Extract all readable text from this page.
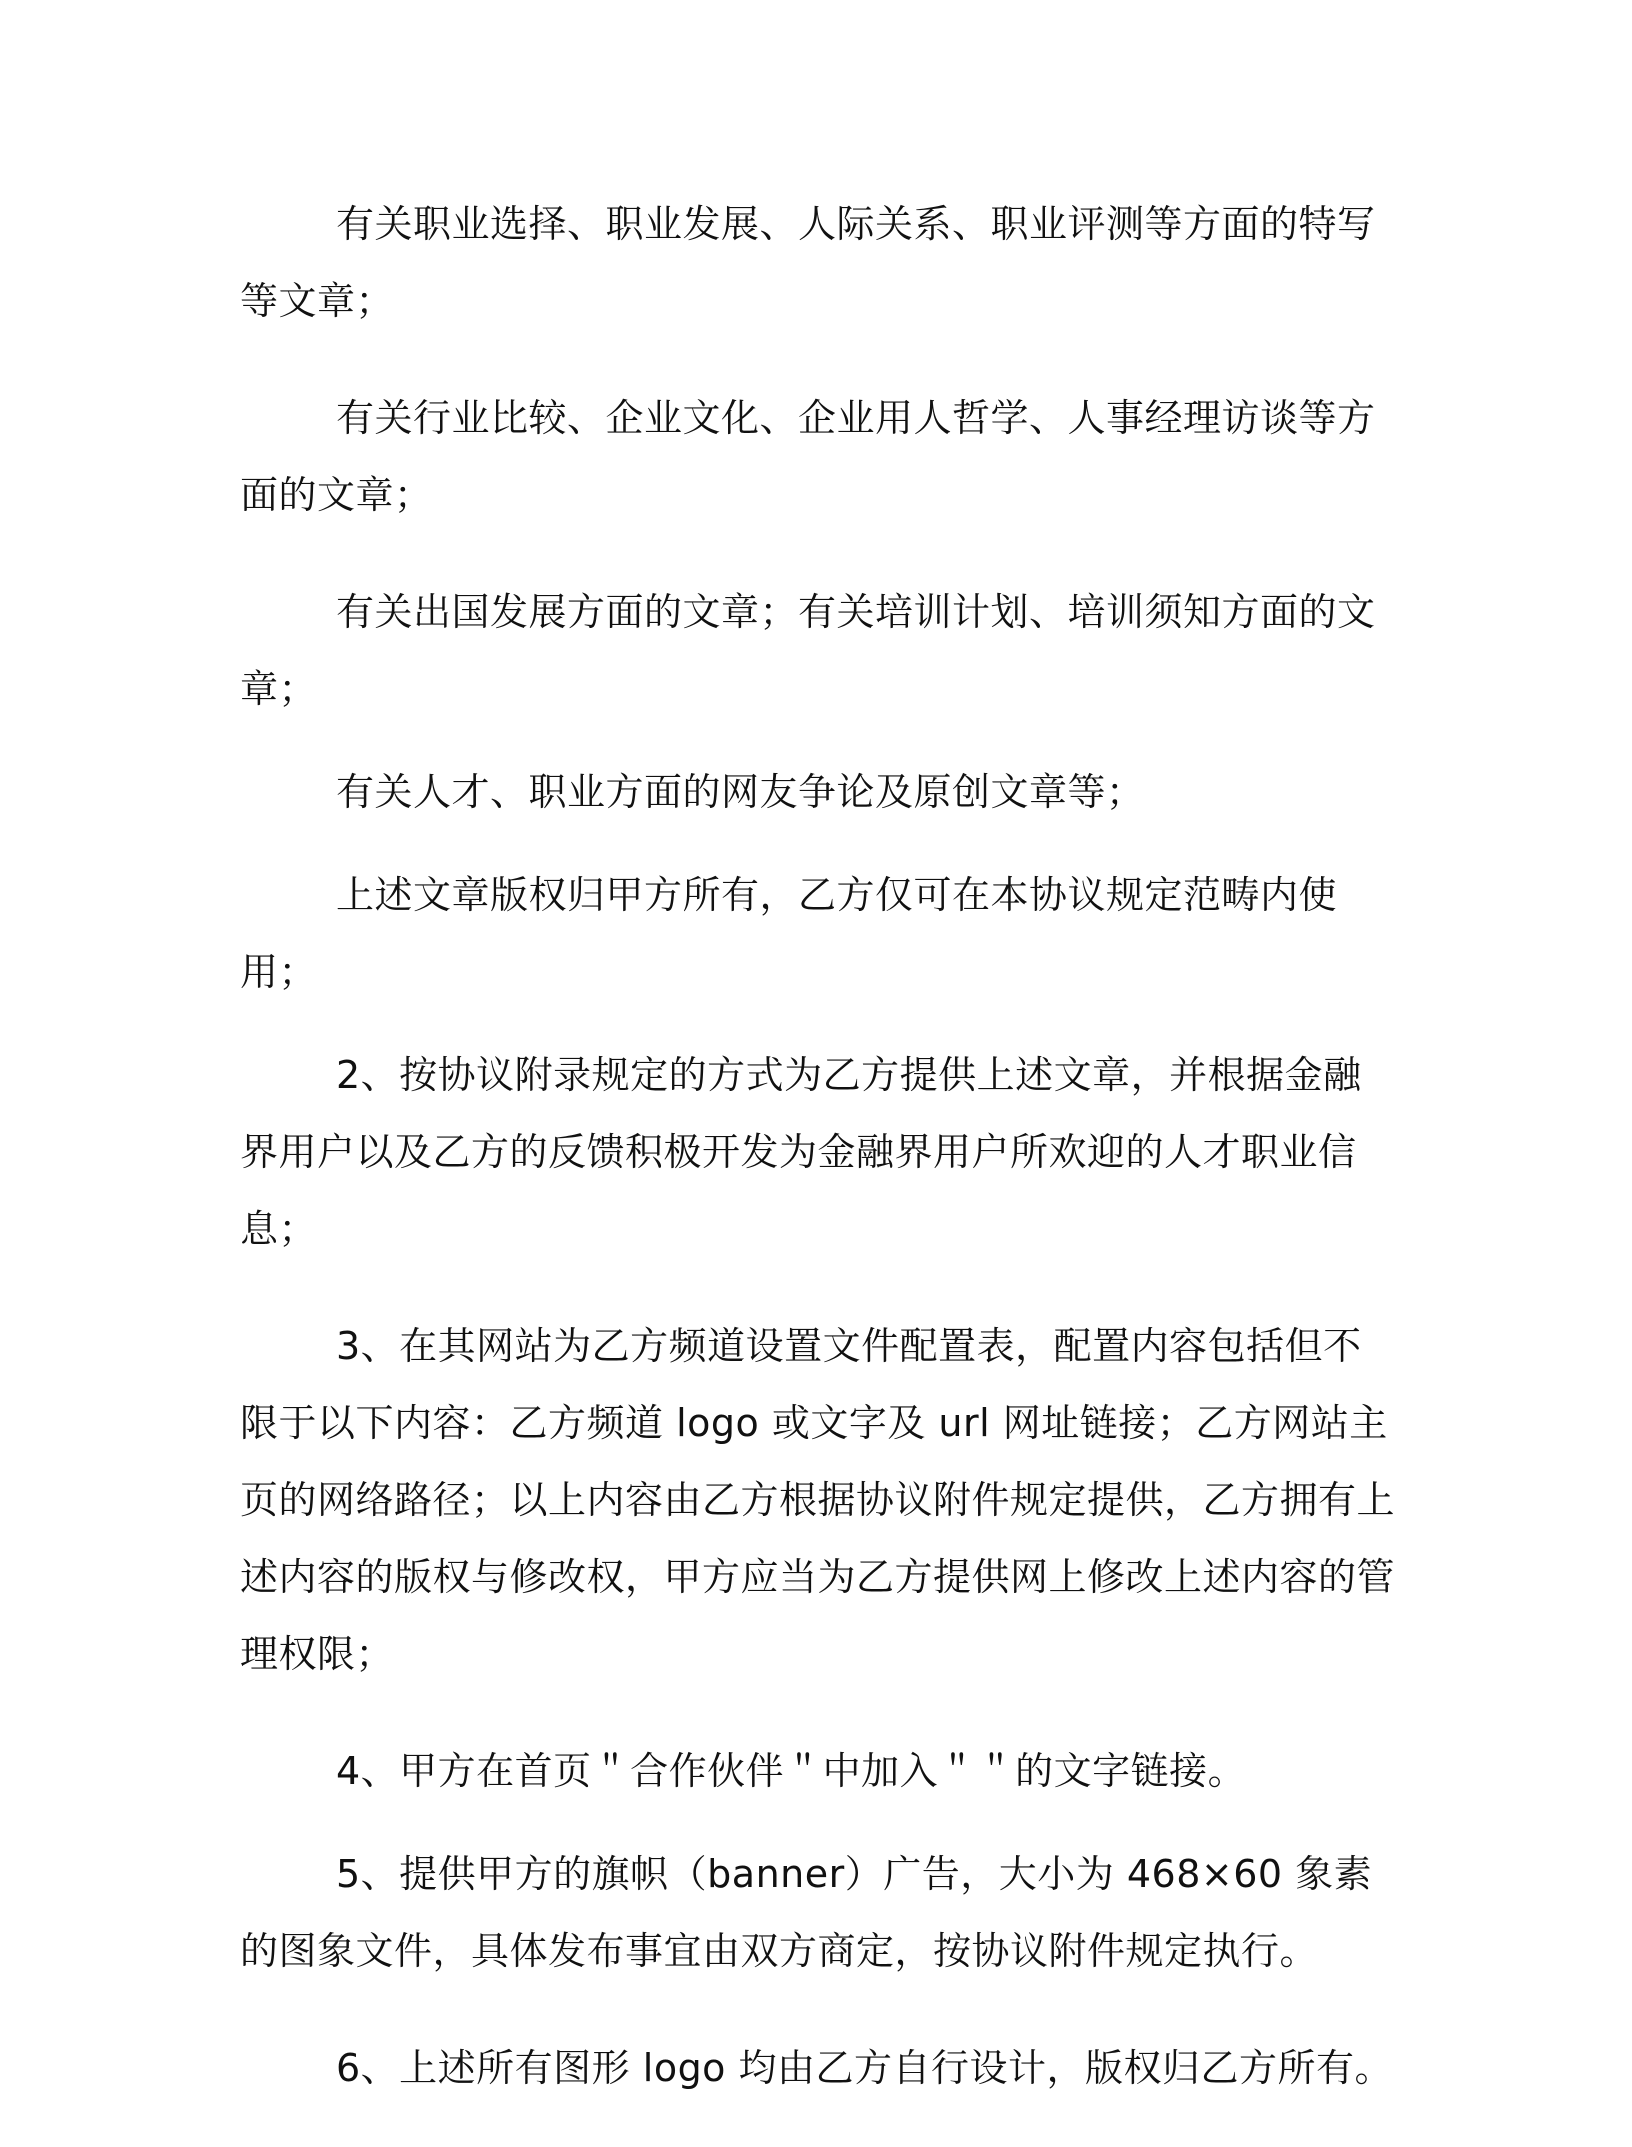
有关职业选择、职业发展、人际关系、职业评测等方面的特写等文章；

有关行业比较、企业文化、企业用人哲学、人事经理访谈等方面的文章；

有关出国发展方面的文章；有关培训计划、培训须知方面的文章；

有关人才、职业方面的网友争论及原创文章等；

上述文章版权归甲方所有，乙方仅可在本协议规定范畴内使用；

2、按协议附录规定的方式为乙方提供上述文章，并根据金融界用户以及乙方的反馈积极开发为金融界用户所欢迎的人才职业信息；

3、在其网站为乙方频道设置文件配置表，配置内容包括但不限于以下内容：乙方频道 logo 或文字及 url 网址链接；乙方网站主页的网络路径；以上内容由乙方根据协议附件规定提供，乙方拥有上述内容的版权与修改权，甲方应当为乙方提供网上修改上述内容的管理权限；

4、甲方在首页＂合作伙伴＂中加入＂＂的文字链接。

5、提供甲方的旗帜（banner）广告，大小为 468×60 象素的图象文件，具体发布事宜由双方商定，按协议附件规定执行。

6、上述所有图形 logo 均由乙方自行设计，版权归乙方所有。
